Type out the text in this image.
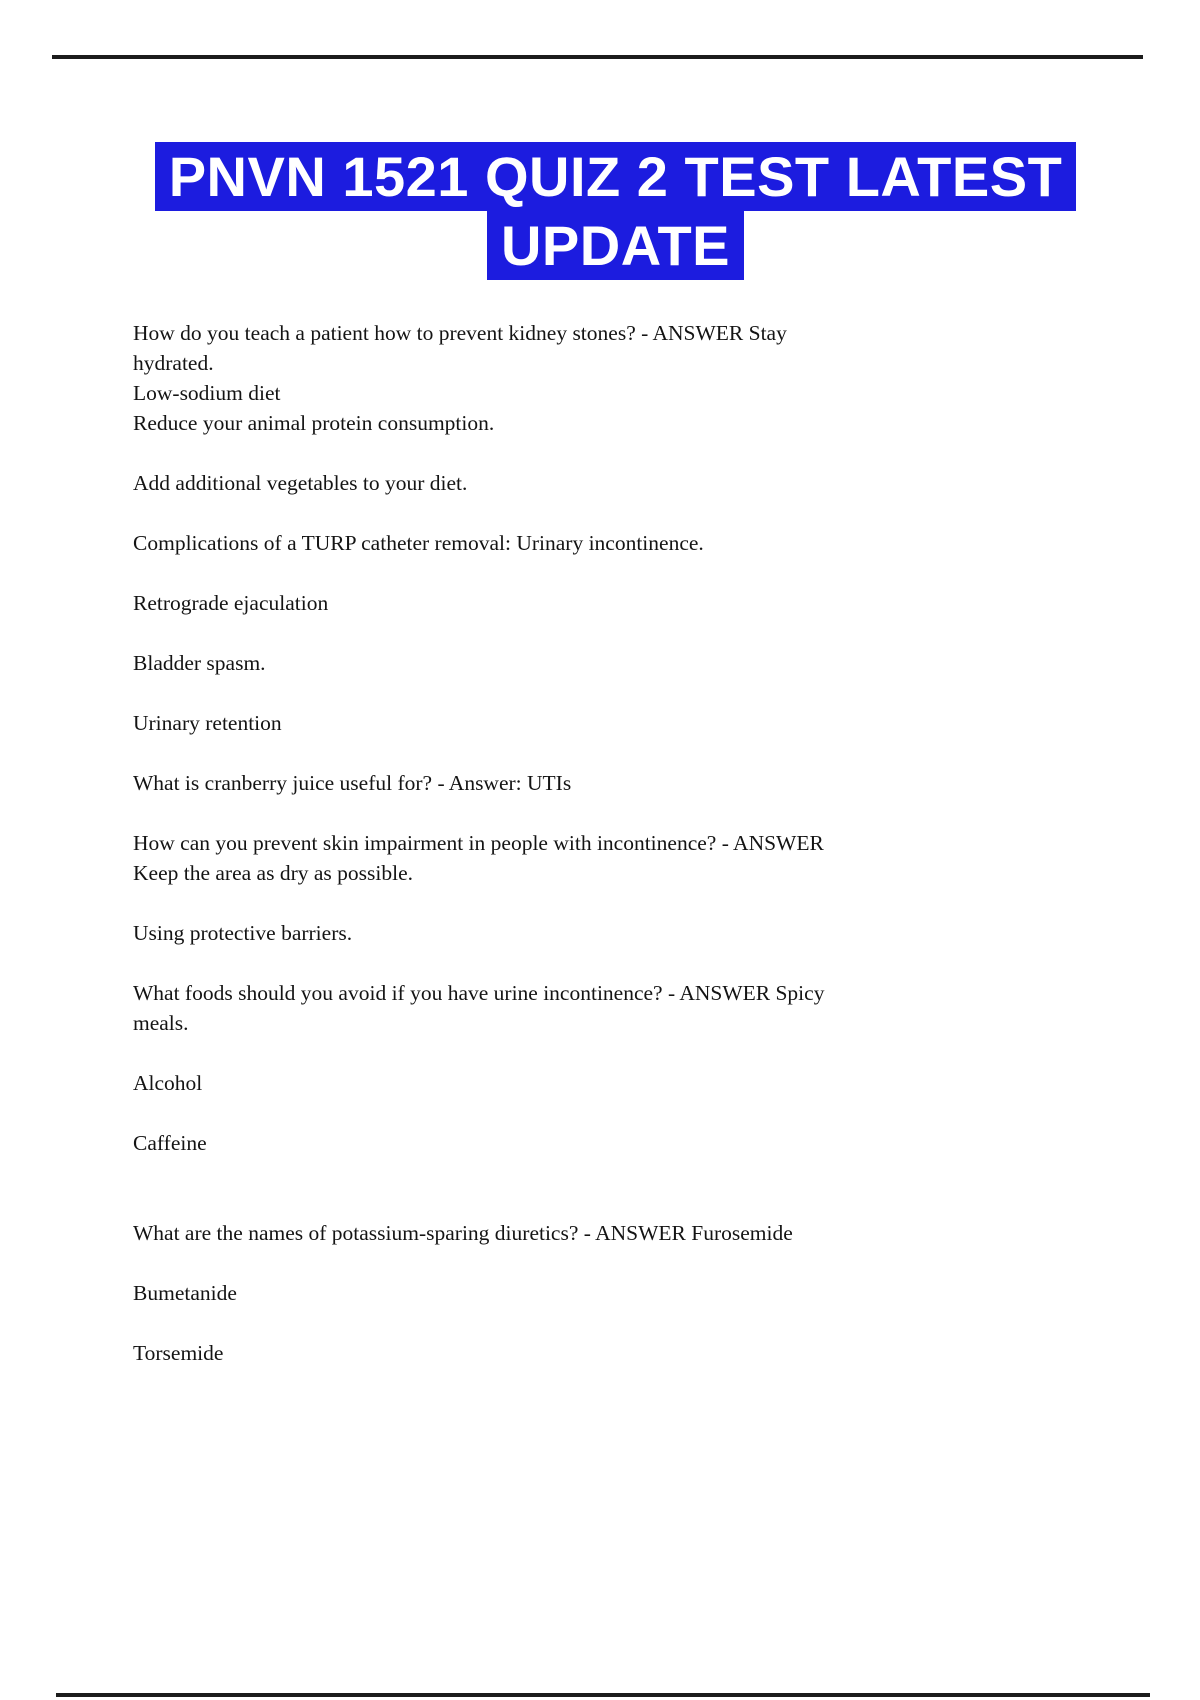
PNVN 1521 QUIZ 2 TEST LATEST
UPDATE

How do you teach a patient how to prevent kidney stones? - ANSWER Stay
hydrated.
Low-sodium diet
Reduce your animal protein consumption.

Add additional vegetables to your diet.

Complications of a TURP catheter removal: Urinary incontinence.

Retrograde ejaculation

Bladder spasm.

Urinary retention

What is cranberry juice useful for? - Answer: UTIs

How can you prevent skin impairment in people with incontinence? - ANSWER
Keep the area as dry as possible.

Using protective barriers.

What foods should you avoid if you have urine incontinence? - ANSWER Spicy
meals.

Alcohol

Caffeine

What are the names of potassium-sparing diuretics? - ANSWER Furosemide

Bumetanide

Torsemide
